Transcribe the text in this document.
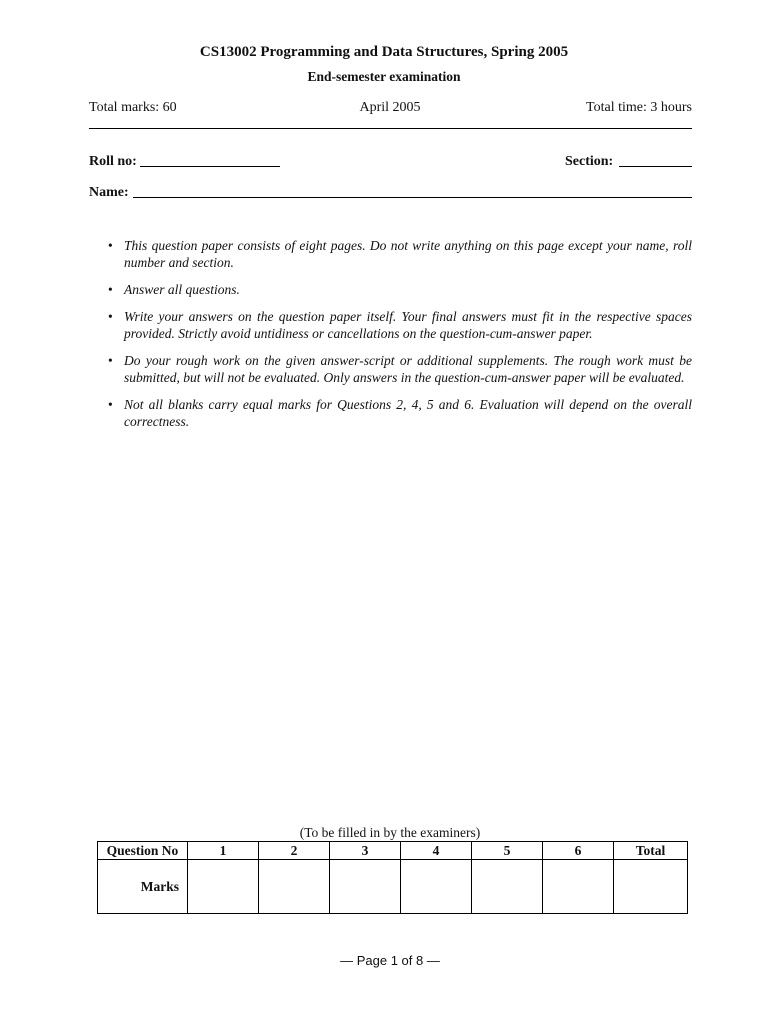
CS13002 Programming and Data Structures, Spring 2005
End-semester examination
Total marks: 60	April 2005	Total time: 3 hours
Roll no:	Section:
Name:
• This question paper consists of eight pages. Do not write anything on this page except your name, roll number and section.
• Answer all questions.
• Write your answers on the question paper itself. Your final answers must fit in the respective spaces provided. Strictly avoid untidiness or cancellations on the question-cum-answer paper.
• Do your rough work on the given answer-script or additional supplements. The rough work must be submitted, but will not be evaluated. Only answers in the question-cum-answer paper will be evaluated.
• Not all blanks carry equal marks for Questions 2, 4, 5 and 6. Evaluation will depend on the overall correctness.
(To be filled in by the examiners)
Question No	1	2	3	4	5	6	Total
Marks							
— Page 1 of 8 —
